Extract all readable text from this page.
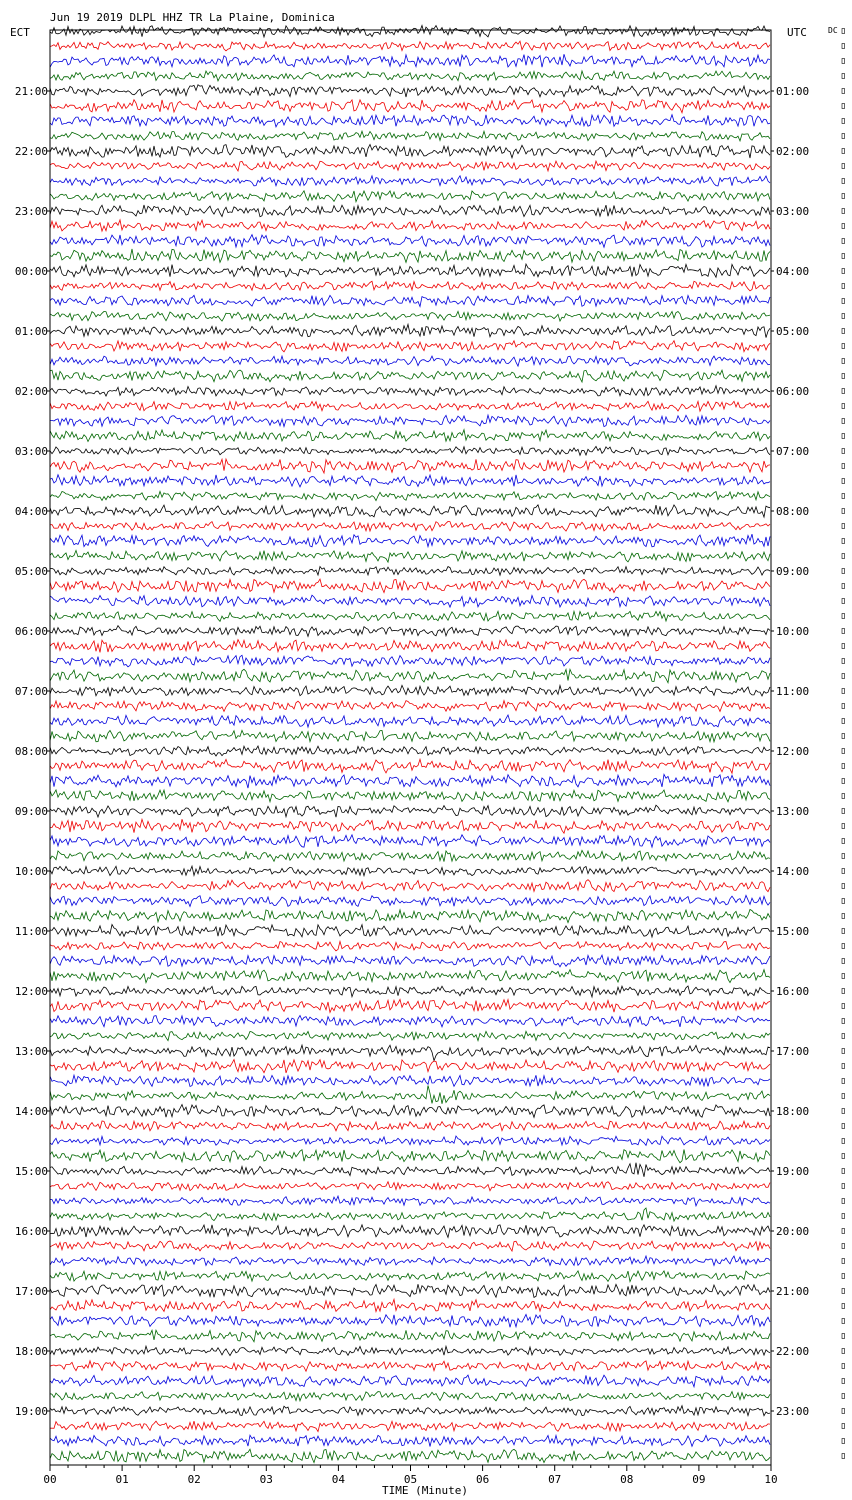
Jun 19 2019 DLPL HHZ TR La Plaine, Dominica
ECT	UTC	DC
21:00
22:00
23:00
00:00
01:00
02:00
03:00
04:00
05:00
06:00
07:00
08:00
09:00
10:00
11:00
12:00
13:00
14:00
15:00
16:00
17:00
18:00
19:00
01:00
02:00
03:00
04:00
05:00
06:00
07:00
08:00
09:00
10:00
11:00
12:00
13:00
14:00
15:00
16:00
17:00
18:00
19:00
20:00
21:00
22:00
23:00
00	01	02	03	04	05	06	07	08	09	10
TIME (Minute)
